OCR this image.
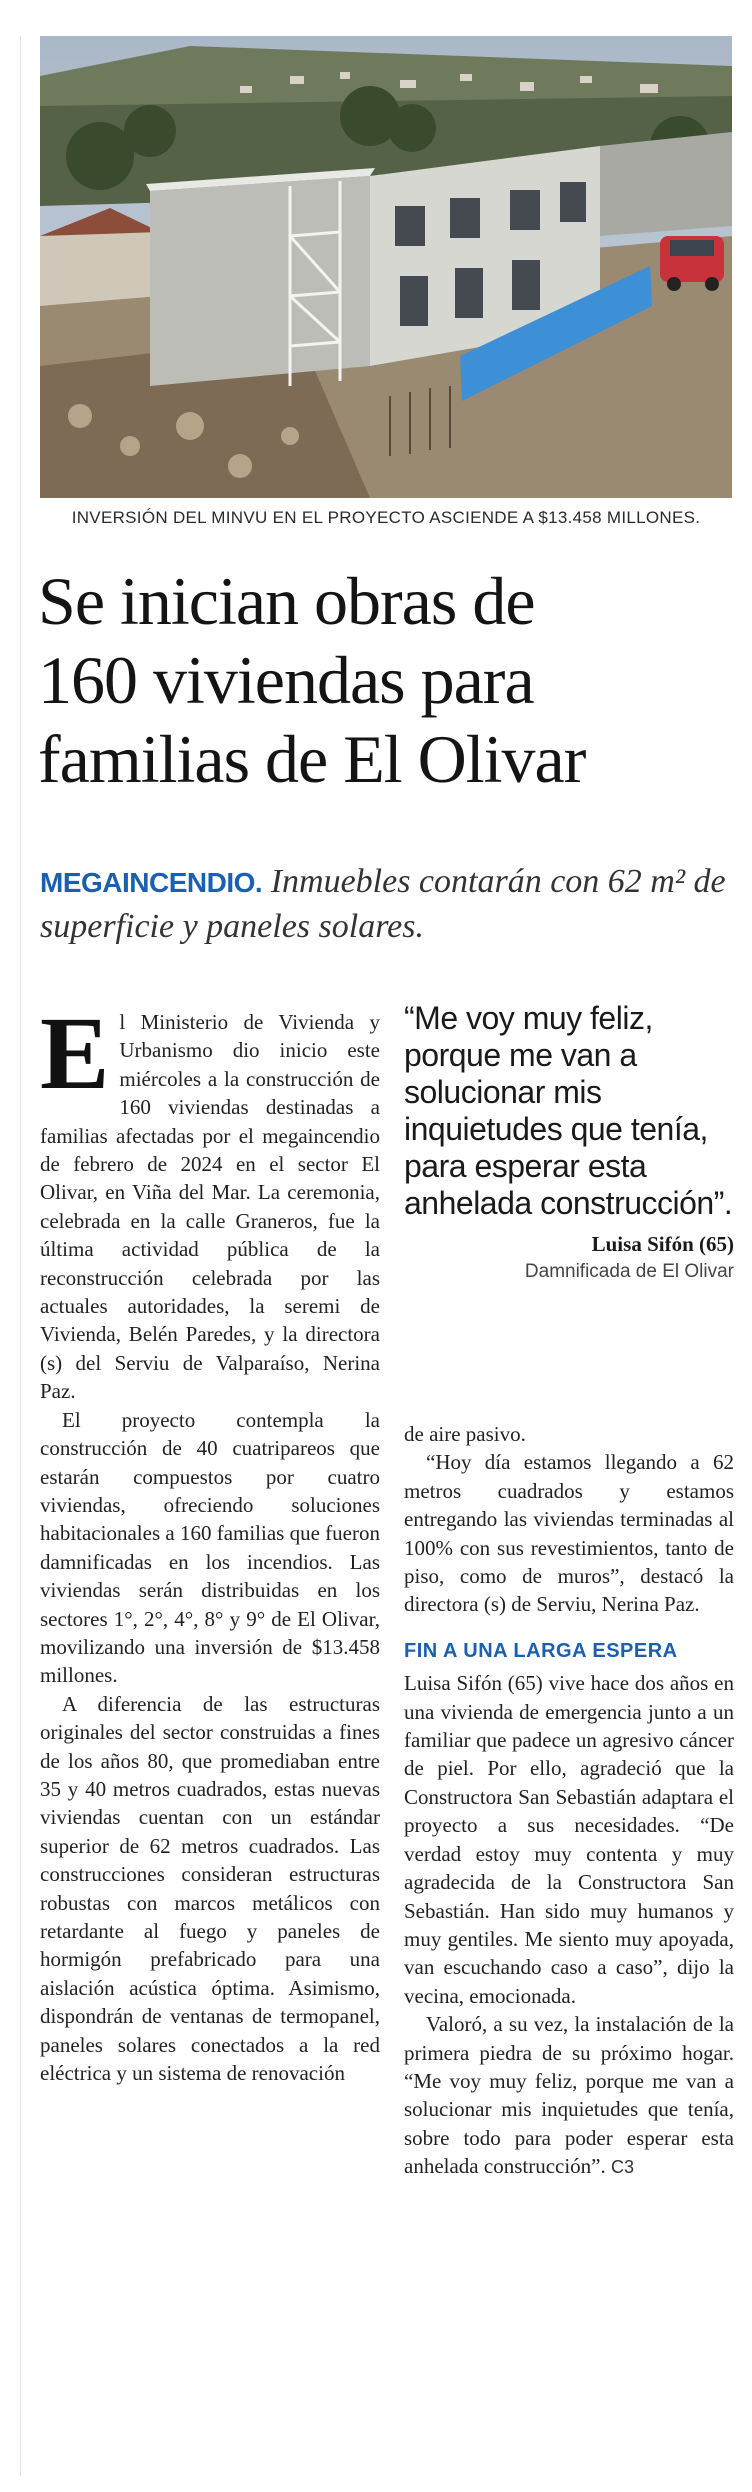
INVERSIÓN DEL MINVU EN EL PROYECTO ASCIENDE A $13.458 MILLONES.
Se inician obras de
160 viviendas para
familias de El Olivar
MEGAINCENDIO. Inmuebles contarán con 62 m² de superficie y paneles solares.

El Ministerio de Vivienda y Urbanismo dio inicio este miércoles a la construcción de 160 viviendas destinadas a familias afectadas por el megaincendio de febrero de 2024 en el sector El Olivar, en Viña del Mar. La ceremonia, celebrada en la calle Graneros, fue la última actividad pública de la reconstrucción celebrada por las actuales autoridades, la seremi de Vivienda, Belén Paredes, y la directora (s) del Serviu de Valparaíso, Nerina Paz.

El proyecto contempla la construcción de 40 cuatripareos que estarán compuestos por cuatro viviendas, ofreciendo soluciones habitacionales a 160 familias que fueron damnificadas en los incendios. Las viviendas serán distribuidas en los sectores 1°, 2°, 4°, 8° y 9° de El Olivar, movilizando una inversión de $13.458 millones.

A diferencia de las estructuras originales del sector construidas a fines de los años 80, que promediaban entre 35 y 40 metros cuadrados, estas nuevas viviendas cuentan con un estándar superior de 62 metros cuadrados. Las construcciones consideran estructuras robustas con marcos metálicos con retardante al fuego y paneles de hormigón prefabricado para una aislación acústica óptima. Asimismo, dispondrán de ventanas de termopanel, paneles solares conectados a la red eléctrica y un sistema de renovación

“Me voy muy feliz, porque me van a solucionar mis inquietudes que tenía, para esperar esta anhelada construcción”.
Luisa Sifón (65)
Damnificada de El Olivar

de aire pasivo.

“Hoy día estamos llegando a 62 metros cuadrados y estamos entregando las viviendas terminadas al 100% con sus revestimientos, tanto de piso, como de muros”, destacó la directora (s) de Serviu, Nerina Paz.

FIN A UNA LARGA ESPERA

Luisa Sifón (65) vive hace dos años en una vivienda de emergencia junto a un familiar que padece un agresivo cáncer de piel. Por ello, agradeció que la Constructora San Sebastián adaptara el proyecto a sus necesidades. “De verdad estoy muy contenta y muy agradecida de la Constructora San Sebastián. Han sido muy humanos y muy gentiles. Me siento muy apoyada, van escuchando caso a caso”, dijo la vecina, emocionada.

Valoró, a su vez, la instalación de la primera piedra de su próximo hogar. “Me voy muy feliz, porque me van a solucionar mis inquietudes que tenía, sobre todo para poder esperar esta anhelada construcción”. C3
